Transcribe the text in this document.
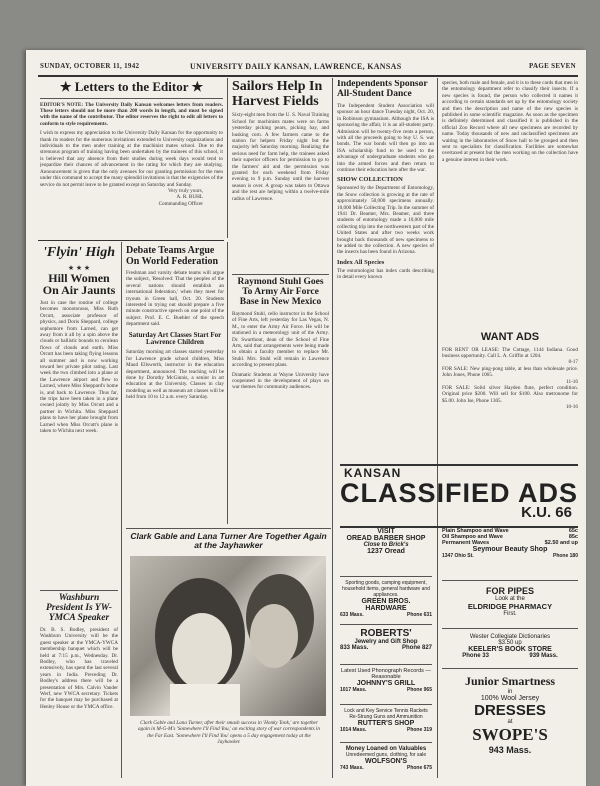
SUNDAY, OCTOBER 11, 1942	UNIVERSITY DAILY KANSAN, LAWRENCE, KANSAS	PAGE SEVEN
★ Letters to the Editor ★

EDITOR'S NOTE: The University Daily Kansan welcomes letters from readers. These letters should not be more than 200 words in length, and must be signed with the name of the contributor. The editor reserves the right to edit all letters to conform to style requirements.

I wish to express my appreciation to the University Daily Kansan for the opportunity to thank its readers for the numerous invitations extended to University organizations and individuals to the men under training at the machinist mates school. Due to the strenuous program of training having been undertaken by the trainees of this school, it is believed that any absence from their studies during week days would tend to jeopardize their chances of advancement in the rating for which they are studying. Announcement is given that the only avenues for our granting permission for the men under this command to accept the many splendid invitations is that the exigencies of the service do not permit leave to be granted except on Saturday and Sunday.

Very truly yours,

A. R. BUHL

Commanding Officer

Sailors Help In Harvest Fields

Sixty-eight men from the U. S. Naval Training School for machinists mates were on farms yesterday picking pears, picking hay, and husking corn. A few farmers came to the station for helpers Friday night but the majority left Saturday morning. Realizing the serious need for farm help, the trainees asked their superior officers for permission to go to the farmers' aid and the permission was granted for each weekend from Friday evening to 9 p.m. Sunday until the harvest season is over. A group was taken to Ottawa and the rest are helping within a twelve-mile radius of Lawrence.

Raymond Stuhl Goes To Army Air Force Base in New Mexico

Raymond Stuhl, cello instructor in the School of Fine Arts, left yesterday for Las Vegas, N. M., to enter the Army Air Force. He will be stationed in a meteorology unit of the Army. Dr. Swarthout, dean of the School of Fine Arts, said that arrangements were being made to obtain a faculty member to replace Mr. Stuhl. Mrs. Stuhl will remain in Lawrence according to present plans.

Dramatic Students at Wayne University have cooperated in the development of plays on war themes for community audiences.

Independents Sponsor All-Student Dance

The Independent Student Association will sponsor an hour dance Tuesday night, Oct. 20, in Robinson gymnasium. Although the ISA is sponsoring the affair, it is an all-student party. Admission will be twenty-five cents a person, with all the proceeds going to buy U. S. war bonds. The war bonds will then go into an ISA scholarship fund to be used to the advantage of undergraduate students who go into the armed forces and then return to continue their education here after the war.

SHOW COLLECTION

Sponsored by the Department of Entomology, the Snow collection is growing at the rate of approximately 50,000 specimens annually. 10,000 Mile Collecting Trip. In the summer of 1941 Dr. Beamer, Mrs. Beamer, and three students of entomology made a 10,000 mile collecting trip into the northwestern part of the United States and after two weeks work brought back thousands of new specimens to be added to the collection. A new species of the insects has been found in Arizona.

Index All Species

The entomologist has index cards describing in detail every known

species, both male and female, and it is to these cards that men in the entomology department refer to classify their insects. If a new species is found, the person who collected it names it according to certain standards set up by the entomology society and then the description and name of the new species is published in some scientific magazine. As soon as the specimen is definitely determined and classified it is published in the official Zoo Record where all new specimens are recorded by name. Today thousands of new and unclassified specimens are waiting in the laboratories of Snow hall to be grouped and then sent to specialists for classification. Facilities are somewhat overtaxed at present but the men working on the collection have a genuine interest in their work.

WANT ADS

FOR RENT OR LEASE: The Cottage, 1144 Indiana. Good business opportunity. Call L. A. Griffin at 1204.

8-17

FOR SALE: New ping-pong table, at less than wholesale price. John Jones, Phone 1065.

11-16

FOR SALE: Solid silver Hayden flute, perfect condition. Original price $200. Will sell for $100. Also metronome for $5.00. John Ise, Phone 1305.

10-16

KANSAN
CLASSIFIED ADS
K.U. 66
'Flyin' High
★ ★ ★
Hill Women On Air Jaunts

Just in case the routine of college becomes monotonous, Miss Ruth Orcutt, associate professor of physics, and Doris Sheppard, college sophomore from Larned, can get away from it all by a spin above the clouds or ballistic bounds to cerulean flows of clouds and earth. Miss Orcutt has been taking flying lessons all summer and is now working toward her private pilot rating. Last week the two climbed into a plane at the Lawrence airport and flew to Larned, where Miss Sheppard's home is, and back to Lawrence. Thus far, the trips have been taken in a plane owned jointly by Miss Orcutt and a partner in Wichita. Miss Sheppard plans to have her plane brought from Larned when Miss Orcutt's plane is taken to Wichita next week.

Washburn President Is YW-YMCA Speaker

Dr. B. S. Bodley, president of Washburn University will be the guest speaker at the YMCA-YWCA membership banquet which will be held at 7:15 p.m., Wednesday. Dr. Bodley, who has traveled extensively, has spent the last several years in India. Preceding Dr. Bodley's address there will be a presentation of Mrs. Calvin Vander Werf, new YWCA secretary. Tickets for the banquet may be purchased at Henley House or the YMCA office.

Debate Teams Argue On World Federation

Freshman and varsity debate teams will argue the subject, 'Resolved: That the peoples of the several nations should establish an international federation,' when they meet for tryouts in Green hall, Oct. 20. Students interested in trying out should prepare a five minute constructive speech on one point of the subject. Prof. E. C. Buehler of the speech department said.

Saturday Art Classes Start For Lawrence Children

Saturday morning art classes started yesterday for Lawrence grade school children, Miss Maud Ellsworth, instructor in the education department, announced. The teaching will be done by Dorothy McGinnis, a senior in art education at the University. Classes in clay modeling as well as museum art classes will be held from 10 to 12 a.m. every Saturday.

Clark Gable and Lana Turner Are Together Again at the Jayhawker

Clark Gable and Lana Turner, after their smash success in 'Honky Tonk,' are together again in M-G-M's 'Somewhere I'll Find You,' an exciting story of war correspondents in the Far East. 'Somewhere I'll Find You' opens a 5 day engagement today at the Jayhawker.

VISIT
OREAD BARBER SHOP
Close to Brick's
1237 Oread
Sporting goods, camping equipment, household items, general hardware and appliances.
GREEN BROS. HARDWARE
633 Mass.	Phone 631
ROBERTS'
Jewelry and Gift Shop
833 Mass.	Phone 827
Latest Used Phonograph Records — Reasonable
JOHNNY'S GRILL
1017 Mass.	Phone 965
Lock and Key Service Tennis Rackets Re-Strung Guns and Ammunition
RUTTER'S SHOP
1014 Mass.	Phone 319
Money Loaned on Valuables
Unredeemed guns, clothing, for sale
WOLFSON'S
743 Mass.	Phone 675
Plain Shampoo and Wave	65c
Oil Shampoo and Wave	85c
Permanent Waves	$2.50 and up
Seymour Beauty Shop
1347 Ohio St.	Phone 180
FOR PIPES
Look at the
ELDRIDGE PHARMACY
First.
Wester Collegiate Dictionaries
$3.50 up
KEELER'S BOOK STORE
Phone 33	939 Mass.
Junior Smartness
in
100% Wool Jersey
DRESSES
at
SWOPE'S
943 Mass.
